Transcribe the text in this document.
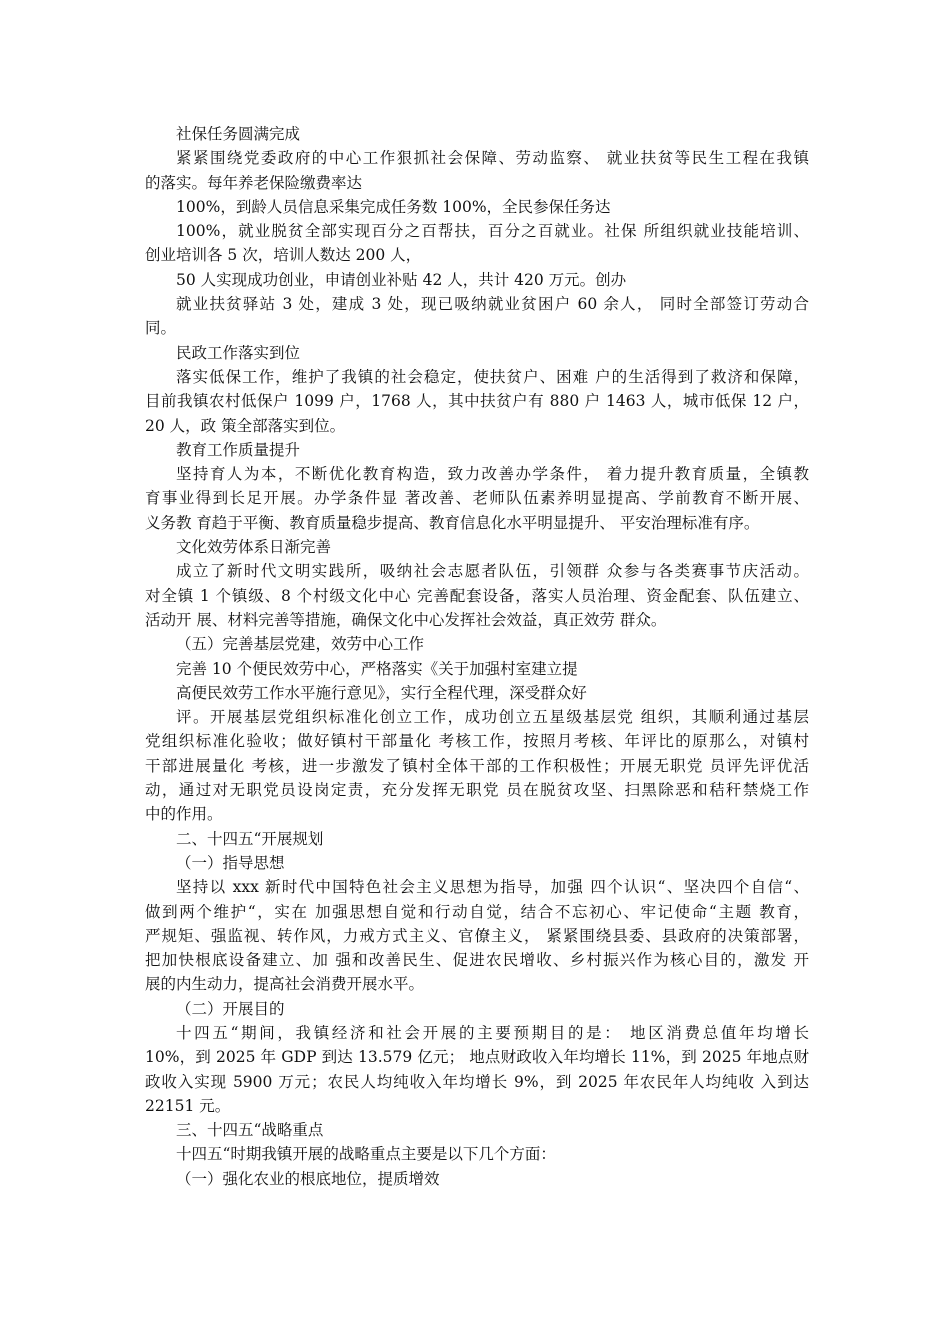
社保任务圆满完成
紧紧围绕党委政府的中心工作狠抓社会保障、劳动监察、 就业扶贫等民生工程在我镇
的落实。每年养老保险缴费率达
100%，到龄人员信息采集完成任务数 100%，全民参保任务达
100%，就业脱贫全部实现百分之百帮扶，百分之百就业。社保 所组织就业技能培训、
创业培训各 5 次，培训人数达 200 人，
50 人实现成功创业，申请创业补贴 42 人，共计 420 万元。创办
就业扶贫驿站 3 处，建成 3 处，现已吸纳就业贫困户 60 余人， 同时全部签订劳动合
同。
民政工作落实到位
落实低保工作，维护了我镇的社会稳定，使扶贫户、困难 户的生活得到了救济和保障，
目前我镇农村低保户 1099 户，1768 人，其中扶贫户有 880 户 1463 人，城市低保 12 户，
20 人，政 策全部落实到位。
教育工作质量提升
坚持育人为本，不断优化教育构造，致力改善办学条件， 着力提升教育质量，全镇教
育事业得到长足开展。办学条件显 著改善、老师队伍素养明显提高、学前教育不断开展、
义务教 育趋于平衡、教育质量稳步提高、教育信息化水平明显提升、 平安治理标准有序。
文化效劳体系日渐完善
成立了新时代文明实践所，吸纳社会志愿者队伍，引领群 众参与各类赛事节庆活动。
对全镇 1 个镇级、8 个村级文化中心 完善配套设备，落实人员治理、资金配套、队伍建立、
活动开 展、材料完善等措施，确保文化中心发挥社会效益，真正效劳 群众。
（五）完善基层党建，效劳中心工作
完善 10 个便民效劳中心，严格落实《关于加强村室建立提
高便民效劳工作水平施行意见》，实行全程代理，深受群众好
评。开展基层党组织标准化创立工作，成功创立五星级基层党 组织，其顺利通过基层
党组织标准化验收；做好镇村干部量化 考核工作，按照月考核、年评比的原那么，对镇村
干部进展量化 考核，进一步激发了镇村全体干部的工作积极性；开展无职党 员评先评优活
动，通过对无职党员设岗定责，充分发挥无职党 员在脱贫攻坚、扫黑除恶和秸秆禁烧工作
中的作用。
二、十四五“开展规划
（一）指导思想
坚持以 xxx 新时代中国特色社会主义思想为指导，加强 四个认识“、坚决四个自信“、
做到两个维护“，实在 加强思想自觉和行动自觉，结合不忘初心、牢记使命“主题 教育，
严规矩、强监视、转作风，力戒方式主义、官僚主义， 紧紧围绕县委、县政府的决策部署，
把加快根底设备建立、加 强和改善民生、促进农民增收、乡村振兴作为核心目的，激发 开
展的内生动力，提高社会消费开展水平。
（二）开展目的
十四五“期间，我镇经济和社会开展的主要预期目的是： 地区消费总值年均增长
10%，到 2025 年 GDP 到达 13.579 亿元； 地点财政收入年均增长 11%，到 2025 年地点财
政收入实现 5900 万元；农民人均纯收入年均增长 9%，到 2025 年农民年人均纯收 入到达
22151 元。
三、十四五“战略重点
十四五“时期我镇开展的战略重点主要是以下几个方面：
（一）强化农业的根底地位，提质增效
